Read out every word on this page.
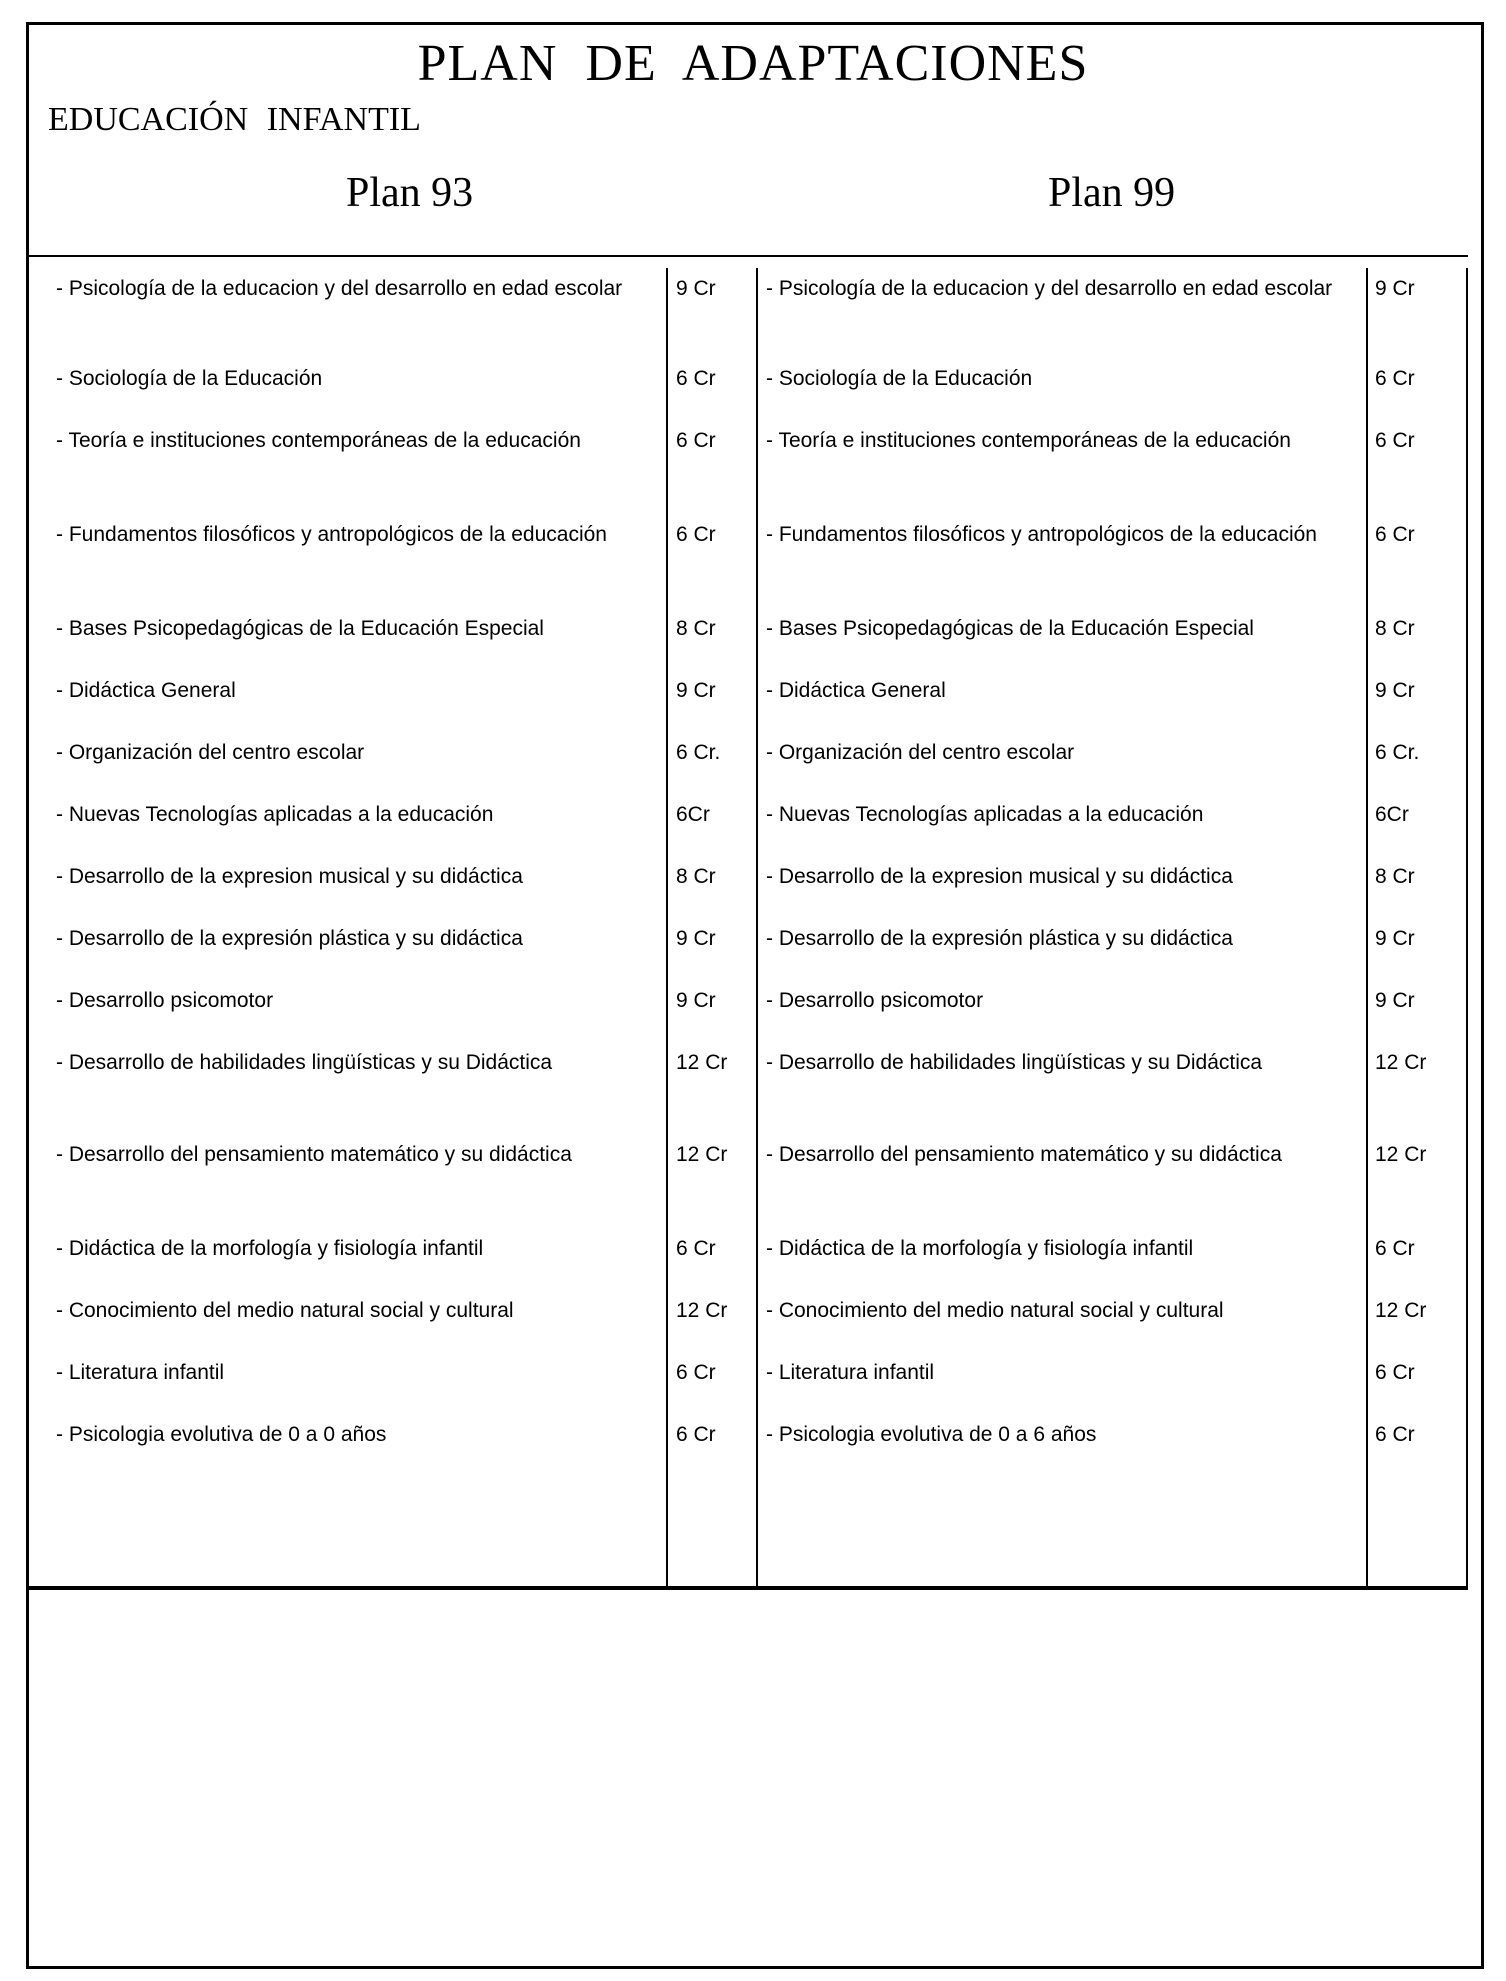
PLAN DE ADAPTACIONES
EDUCACIÓN INFANTIL
Plan 93	Plan 99
- Psicología de la educacion y del desarrollo en edad escolar	9 Cr	- Psicología de la educacion y del desarrollo en edad escolar	9 Cr
- Sociología de la Educación	6 Cr	- Sociología de la Educación	6 Cr
- Teoría e instituciones contemporáneas de la educación	6 Cr	- Teoría e instituciones contemporáneas de la educación	6 Cr
- Fundamentos filosóficos y antropológicos de la educación	6 Cr	- Fundamentos filosóficos y antropológicos de la educación	6 Cr
- Bases Psicopedagógicas de la Educación Especial	8 Cr	- Bases Psicopedagógicas de la Educación Especial	8 Cr
- Didáctica General	9 Cr	- Didáctica General	9 Cr
- Organización del centro escolar	6 Cr.	- Organización del centro escolar	6 Cr.
- Nuevas Tecnologías aplicadas a la educación	6Cr	- Nuevas Tecnologías aplicadas a la educación	6Cr
- Desarrollo de la expresion musical y su didáctica	8 Cr	- Desarrollo de la expresion musical y su didáctica	8 Cr
- Desarrollo de la expresión plástica y su didáctica	9 Cr	- Desarrollo de la expresión plástica y su didáctica	9 Cr
- Desarrollo psicomotor	9 Cr	- Desarrollo psicomotor	9 Cr
- Desarrollo de habilidades lingüísticas y su Didáctica	12 Cr	- Desarrollo de habilidades lingüísticas y su Didáctica	12 Cr
- Desarrollo del pensamiento matemático y su didáctica	12 Cr	- Desarrollo del pensamiento matemático y su didáctica	12 Cr
- Didáctica de la morfología y fisiología infantil	6 Cr	- Didáctica de la morfología y fisiología infantil	6 Cr
- Conocimiento del medio natural social y cultural	12 Cr	- Conocimiento del medio natural social y cultural	12 Cr
- Literatura infantil	6 Cr	- Literatura infantil	6 Cr
- Psicologia evolutiva de 0 a 0 años	6 Cr	- Psicologia evolutiva de 0 a 6 años	6 Cr
